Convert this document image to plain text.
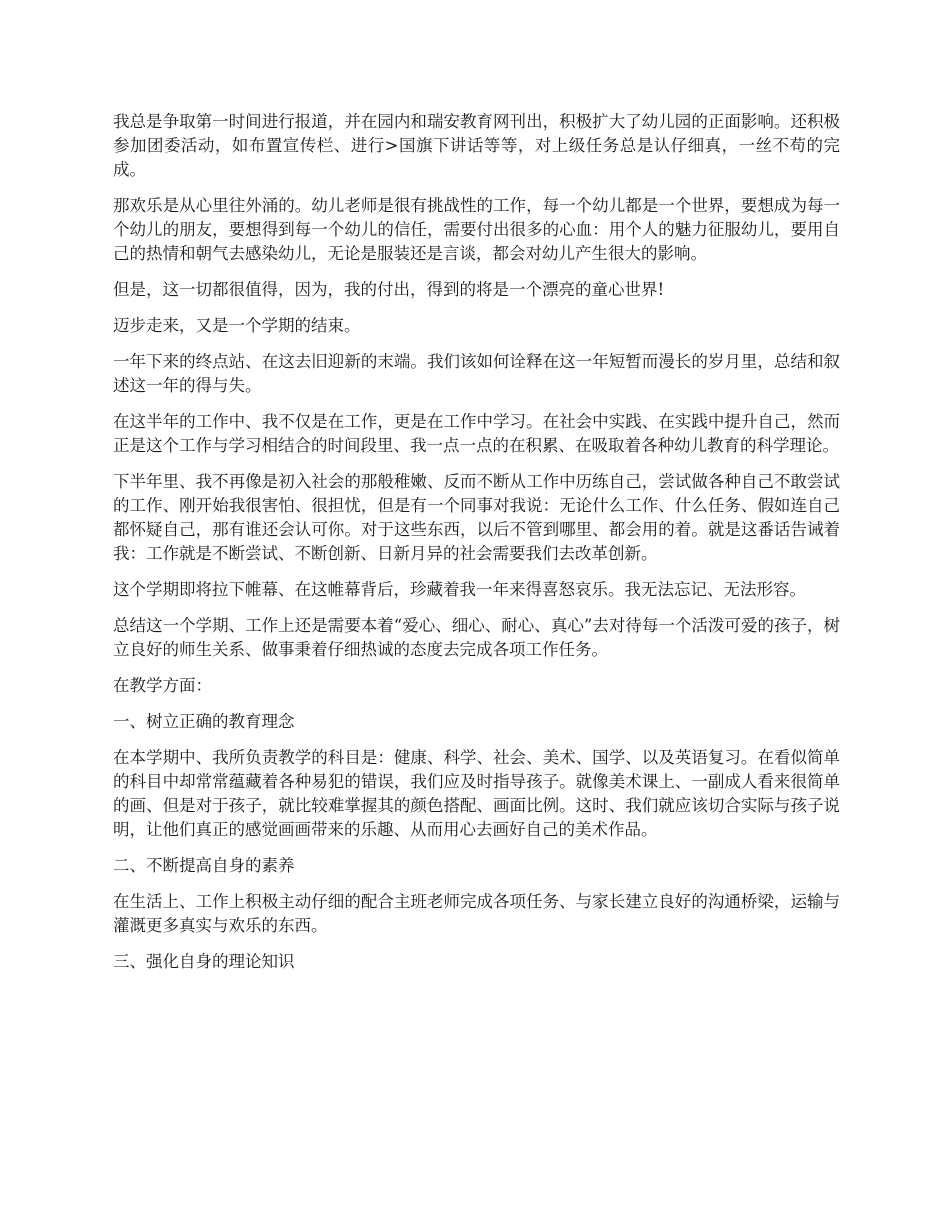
我总是争取第一时间进行报道，并在园内和瑞安教育网刊出，积极扩大了幼儿园的正面影响。还积极参加团委活动，如布置宣传栏、进行>国旗下讲话等等，对上级任务总是认仔细真，一丝不苟的完成。

那欢乐是从心里往外涌的。幼儿老师是很有挑战性的工作，每一个幼儿都是一个世界，要想成为每一个幼儿的朋友，要想得到每一个幼儿的信任，需要付出很多的心血：用个人的魅力征服幼儿，要用自己的热情和朝气去感染幼儿，无论是服装还是言谈，都会对幼儿产生很大的影响。

但是，这一切都很值得，因为，我的付出，得到的将是一个漂亮的童心世界!

迈步走来，又是一个学期的结束。

一年下来的终点站、在这去旧迎新的末端。我们该如何诠释在这一年短暂而漫长的岁月里，总结和叙述这一年的得与失。

在这半年的工作中、我不仅是在工作，更是在工作中学习。在社会中实践、在实践中提升自己，然而正是这个工作与学习相结合的时间段里、我一点一点的在积累、在吸取着各种幼儿教育的科学理论。

下半年里、我不再像是初入社会的那般稚嫩、反而不断从工作中历练自己，尝试做各种自己不敢尝试的工作、刚开始我很害怕、很担忧，但是有一个同事对我说：无论什么工作、什么任务、假如连自己都怀疑自己，那有谁还会认可你。对于这些东西，以后不管到哪里、都会用的着。就是这番话告诫着我：工作就是不断尝试、不断创新、日新月异的社会需要我们去改革创新。

这个学期即将拉下帷幕、在这帷幕背后，珍藏着我一年来得喜怒哀乐。我无法忘记、无法形容。

总结这一个学期、工作上还是需要本着“爱心、细心、耐心、真心”去对待每一个活泼可爱的孩子，树立良好的师生关系、做事秉着仔细热诚的态度去完成各项工作任务。

在教学方面：

一、树立正确的教育理念

在本学期中、我所负责教学的科目是：健康、科学、社会、美术、国学、以及英语复习。在看似简单的科目中却常常蕴藏着各种易犯的错误，我们应及时指导孩子。就像美术课上、一副成人看来很简单的画、但是对于孩子，就比较难掌握其的颜色搭配、画面比例。这时、我们就应该切合实际与孩子说明，让他们真正的感觉画画带来的乐趣、从而用心去画好自己的美术作品。

二、不断提高自身的素养

在生活上、工作上积极主动仔细的配合主班老师完成各项任务、与家长建立良好的沟通桥梁，运输与灌溉更多真实与欢乐的东西。

三、强化自身的理论知识
